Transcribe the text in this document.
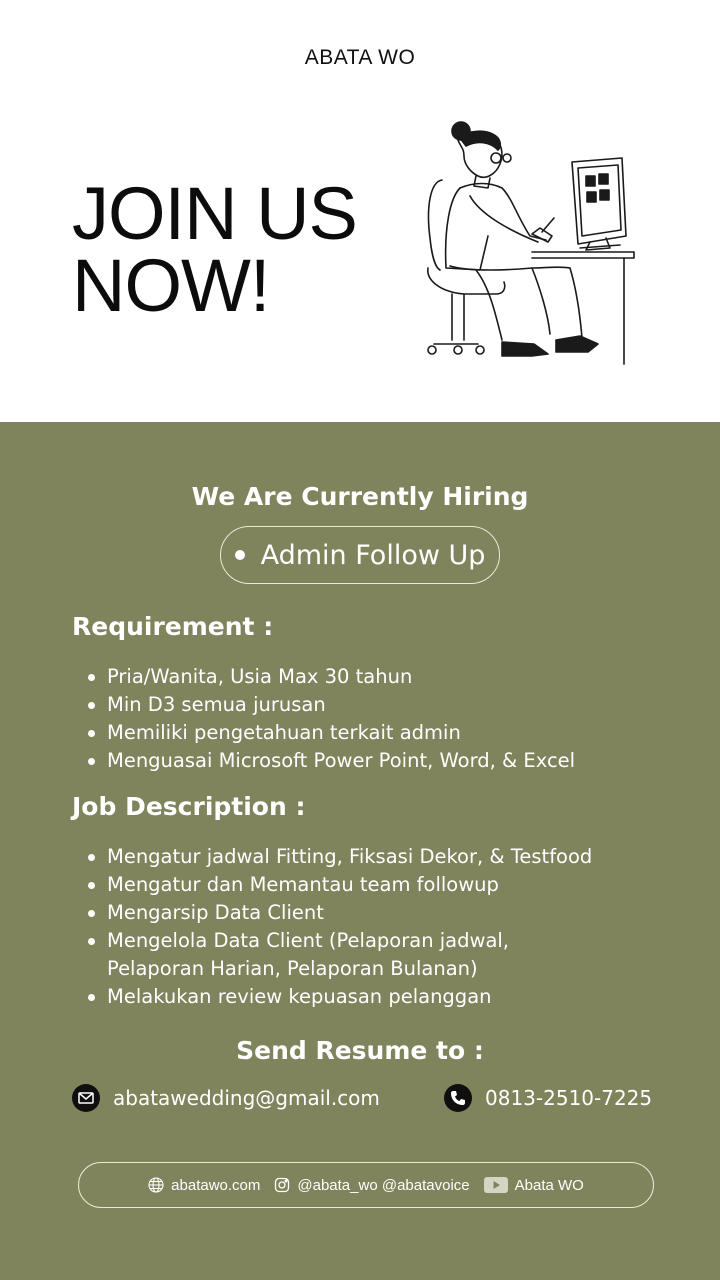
ABATA WO
JOIN US
NOW!
We Are Currently Hiring
Admin Follow Up
Requirement :
Pria/Wanita, Usia Max 30 tahun
Min D3 semua jurusan
Memiliki pengetahuan terkait admin
Menguasai Microsoft Power Point, Word, & Excel
Job Description :
Mengatur jadwal Fitting, Fiksasi Dekor, & Testfood
Mengatur dan Memantau team followup
Mengarsip Data Client
Mengelola Data Client (Pelaporan jadwal, Pelaporan Harian, Pelaporan Bulanan)
Melakukan review kepuasan pelanggan
Send Resume to :
abatawedding@gmail.com	0813-2510-7225
abatawo.com @abata_wo @abatavoice	Abata WO
